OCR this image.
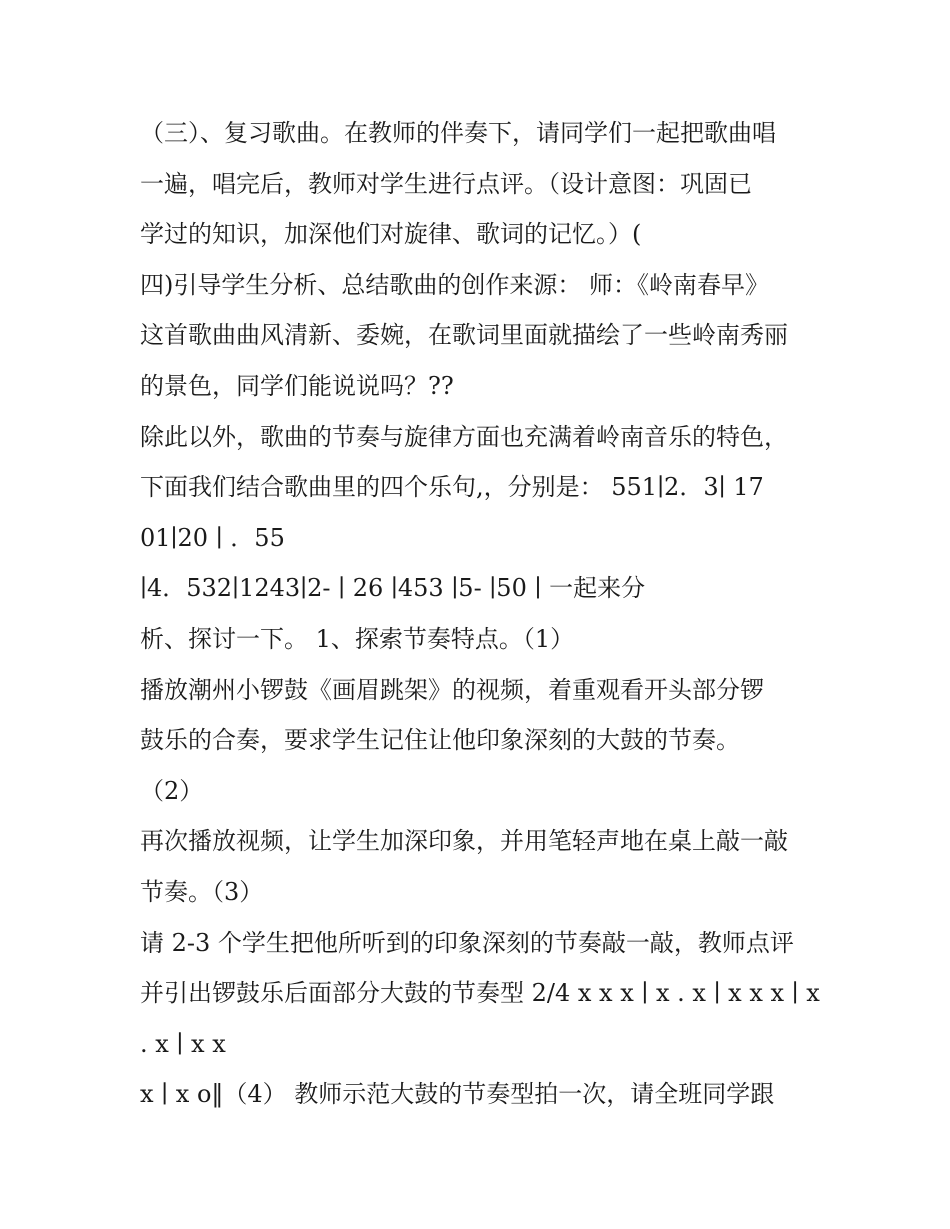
（三）、复习歌曲。在教师的伴奏下，请同学们一起把歌曲唱
一遍，唱完后，教师对学生进行点评。（设计意图：巩固已
学过的知识，加深他们对旋律、歌词的记忆。）(
四)引导学生分析、总结歌曲的创作来源： 师：《岭南春早》
这首歌曲曲风清新、委婉，在歌词里面就描绘了一些岭南秀丽
的景色，同学们能说说吗？??
除此以外，歌曲的节奏与旋律方面也充满着岭南音乐的特色，
下面我们结合歌曲里的四个乐句,，分别是： 551∣2．3∣ 17
01∣20 ∣ ．55
∣4．532∣1243∣2- ∣ 26 ∣453 ∣5- ∣50 ∣ 一起来分
析、探讨一下。 1、探索节奏特点。（1）
播放潮州小锣鼓《画眉跳架》的视频，着重观看开头部分锣
鼓乐的合奏，要求学生记住让他印象深刻的大鼓的节奏。
（2）
再次播放视频，让学生加深印象，并用笔轻声地在桌上敲一敲
节奏。（3）
请 2-3 个学生把他所听到的印象深刻的节奏敲一敲，教师点评
并引出锣鼓乐后面部分大鼓的节奏型 2/4 x x x ∣ x . x ∣ x x x ∣ x
. x ∣ x x
x ∣ x o‖（4） 教师示范大鼓的节奏型拍一次，请全班同学跟
